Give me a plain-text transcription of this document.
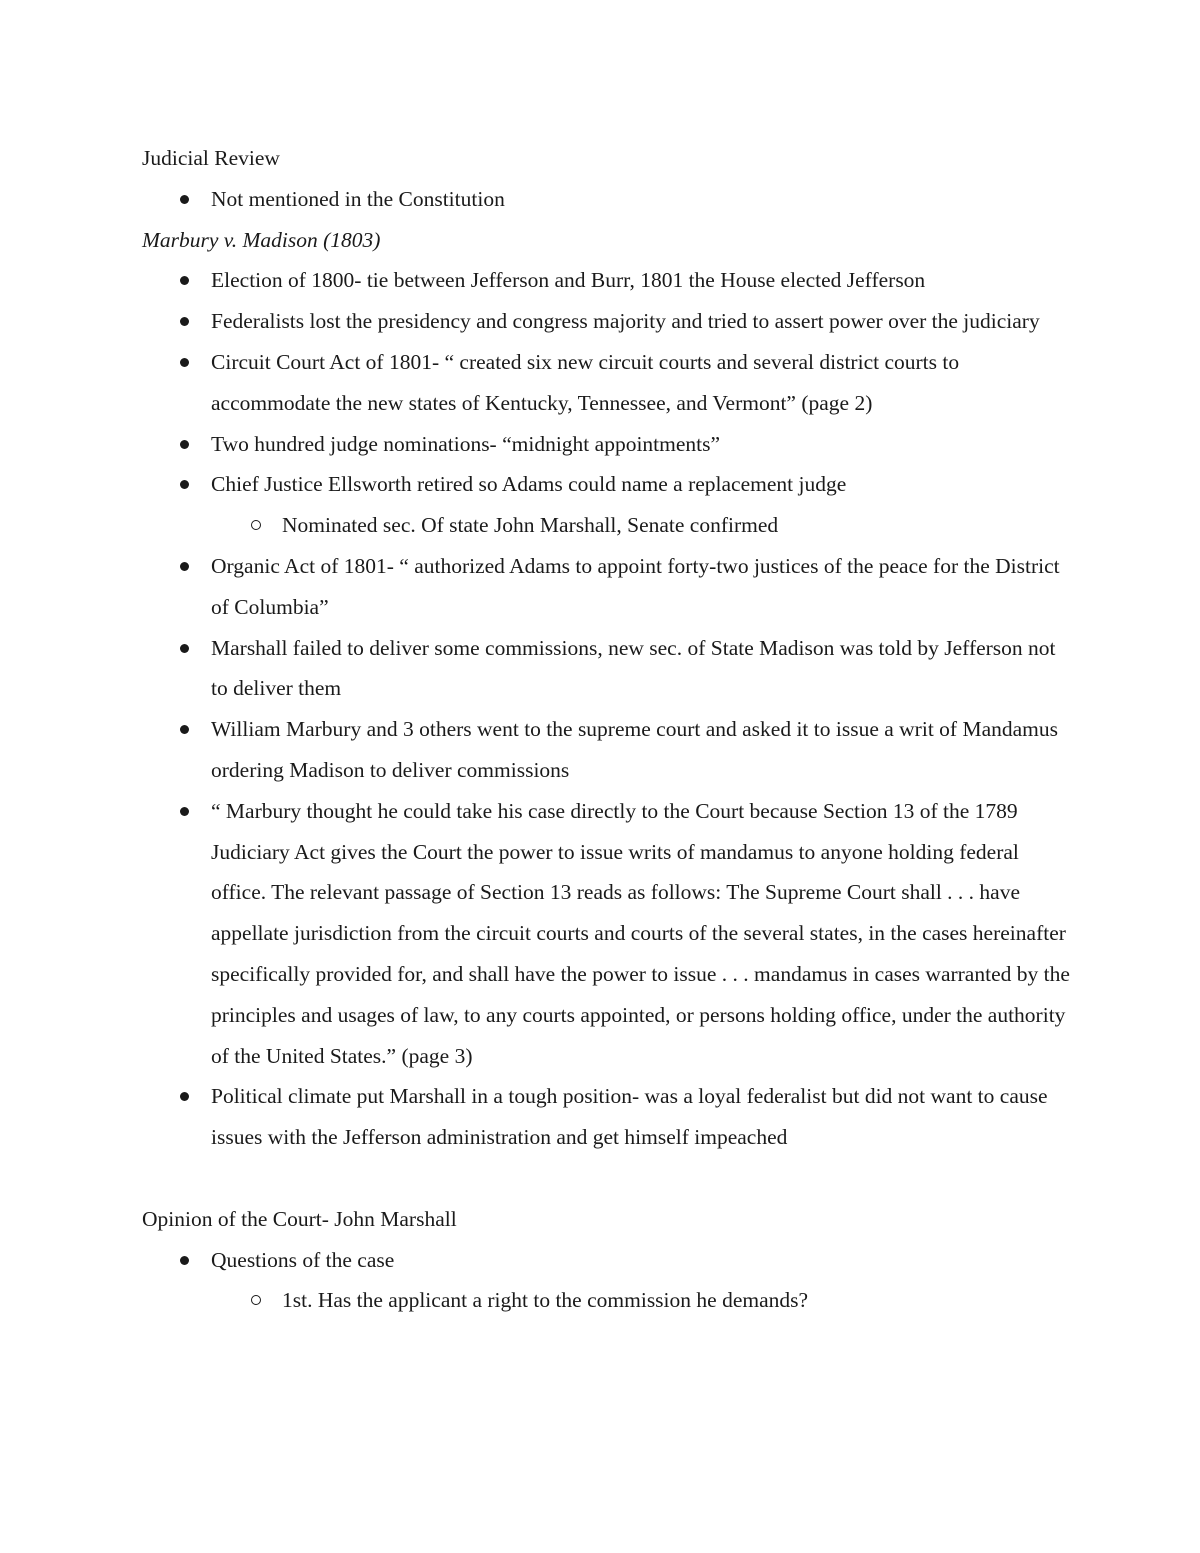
Judicial Review

Not mentioned in the Constitution

Marbury v. Madison (1803)

Election of 1800- tie between Jefferson and Burr, 1801 the House elected Jefferson
Federalists lost the presidency and congress majority and tried to assert power over the judiciary
Circuit Court Act of 1801- “ created six new circuit courts and several district courts to accommodate the new states of Kentucky, Tennessee, and Vermont” (page 2)
Two hundred judge nominations- “midnight appointments”
Chief Justice Ellsworth retired so Adams could name a replacement judge
Nominated sec. Of state John Marshall, Senate confirmed
Organic Act of 1801- “ authorized Adams to appoint forty-two justices of the peace for the District of Columbia”
Marshall failed to deliver some commissions, new sec. of State Madison was told by Jefferson not to deliver them
William Marbury and 3 others went to the supreme court and asked it to issue a writ of Mandamus ordering Madison to deliver commissions
“ Marbury thought he could take his case directly to the Court because Section 13 of the 1789 Judiciary Act gives the Court the power to issue writs of mandamus to anyone holding federal office. The relevant passage of Section 13 reads as follows: The Supreme Court shall . . . have appellate jurisdiction from the circuit courts and courts of the several states, in the cases hereinafter specifically provided for, and shall have the power to issue . . . mandamus in cases warranted by the principles and usages of law, to any courts appointed, or persons holding office, under the authority of the United States.” (page 3)
Political climate put Marshall in a tough position- was a loyal federalist but did not want to cause issues with the Jefferson administration and get himself impeached

Opinion of the Court- John Marshall

Questions of the case
1st. Has the applicant a right to the commission he demands?
